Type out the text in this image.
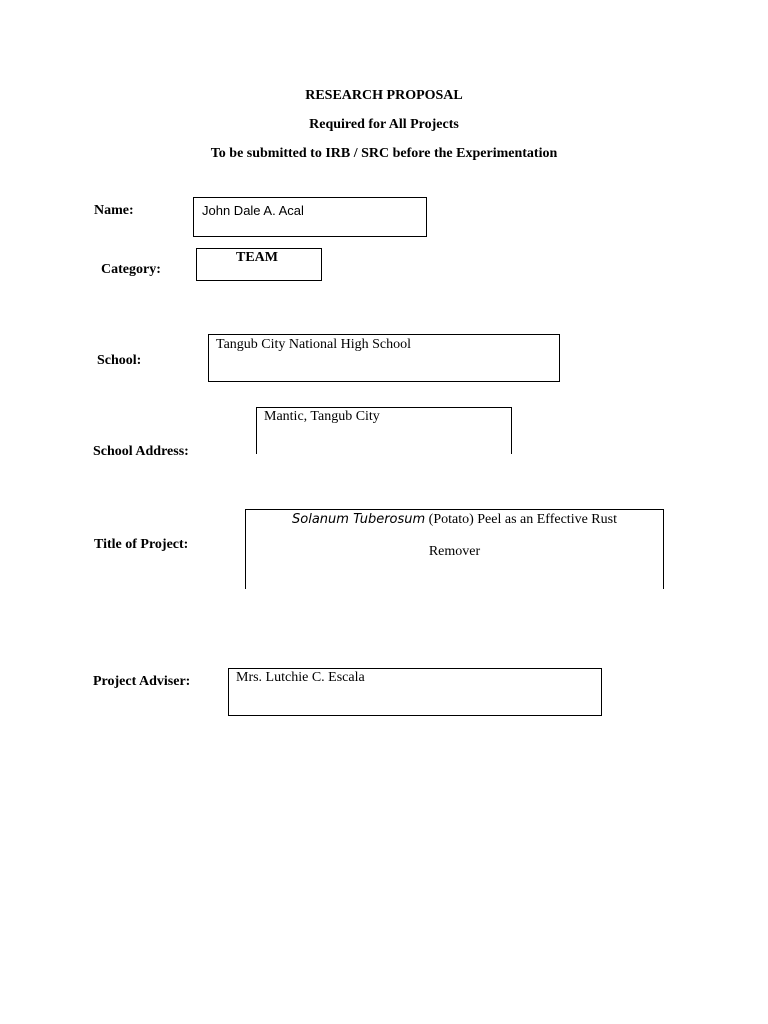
RESEARCH PROPOSAL
Required for All Projects
To be submitted to IRB / SRC before the Experimentation
Name:	John Dale A. Acal
Category:
TEAM
School:
Tangub City National High School
School Address:
Mantic, Tangub City
Title of Project:
Solanum Tuberosum (Potato) Peel as an Effective Rust
Remover
Project Adviser:	Mrs. Lutchie C. Escala
